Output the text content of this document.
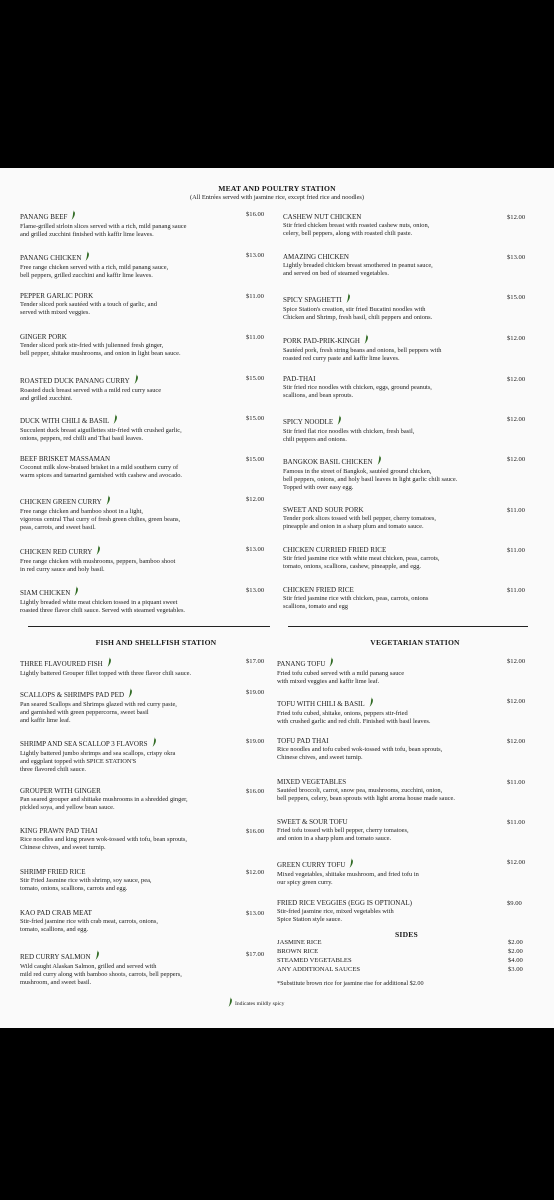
MEAT AND POULTRY STATION
(All Entrées served with jasmine rice, except fried rice and noodles)
PANANG BEEF
Flame-grilled sirloin slices served with a rich, mild panang sauce
and grilled zucchini finished with kaffir lime leaves.
$16.00
PANANG CHICKEN
Free range chicken served with a rich, mild panang sauce,
bell peppers, grilled zucchini and kaffir lime leaves.
$13.00
PEPPER GARLIC PORK
Tender sliced pork sautéed with a touch of garlic, and
served with mixed veggies.
$11.00
GINGER PORK
Tender sliced pork stir-fried with julienned fresh ginger,
bell pepper, shitake mushrooms, and onion in light bean sauce.
$11.00
ROASTED DUCK PANANG CURRY
Roasted duck breast served with a mild red curry sauce
and grilled zucchini.
$15.00
DUCK WITH CHILI & BASIL
Succulent duck breast aiguillettes stir-fried with crushed garlic,
onions, peppers, red chilli and Thai basil leaves.
$15.00
BEEF BRISKET MASSAMAN
Coconut milk slow-braised brisket in a mild southern curry of
warm spices and tamarind garnished with cashew and avocado.
$15.00
CHICKEN GREEN CURRY
Free range chicken and bamboo shoot in a light,
vigorous central Thai curry of fresh green chilies, green beans,
peas, carrots, and sweet basil.
$12.00
CHICKEN RED CURRY
Free range chicken with mushrooms, peppers, bamboo shoot
in red curry sauce and holy basil.
$13.00
SIAM CHICKEN
Lightly breaded white meat chicken tossed in a piquant sweet
roasted three flavor chili sauce. Served with steamed vegetables.
$13.00
CASHEW NUT CHICKEN
Stir fried chicken breast with roasted cashew nuts, onion,
celery, bell peppers, along with roasted chili paste.
$12.00
AMAZING CHICKEN
Lightly breaded chicken breast smothered in peanut sauce,
and served on bed of steamed vegetables.
$13.00
SPICY SPAGHETTI
Spice Station's creation, stir fried Bucatini noodles with
Chicken and Shrimp, fresh basil, chili peppers and onions.
$15.00
PORK PAD-PRIK-KINGH
Sautéed pork, fresh string beans and onions, bell peppers with
roasted red curry paste and kaffir lime leaves.
$12.00
PAD-THAI
Stir fried rice noodles with chicken, eggs, ground peanuts,
scallions, and bean sprouts.
$12.00
SPICY NOODLE
Stir fried flat rice noodles with chicken, fresh basil,
chili peppers and onions.
$12.00
BANGKOK BASIL CHICKEN
Famous in the street of Bangkok, sautéed ground chicken,
bell peppers, onions, and holy basil leaves in light garlic chili sauce.
Topped with over easy egg.
$12.00
SWEET AND SOUR PORK
Tender pork slices tossed with bell pepper, cherry tomatoes,
pineapple and onion in a sharp plum and tomato sauce.
$11.00
CHICKEN CURRIED FRIED RICE
Stir fried jasmine rice with white meat chicken, peas, carrots,
tomato, onions, scallions, cashew, pineapple, and egg.
$11.00
CHICKEN FRIED RICE
Stir fried jasmine rice with chicken, peas, carrots, onions
scallions, tomato and egg
$11.00
FISH AND SHELLFISH STATION	VEGETARIAN STATION
THREE FLAVOURED FISH
Lightly battered Grouper fillet topped with three flavor chili sauce.
$17.00
SCALLOPS & SHRIMPS PAD PED
Pan seared Scallops and Shrimps glazed with red curry paste,
and garnished with green peppercorns, sweet basil
and kaffir lime leaf.
$19.00
SHRIMP AND SEA SCALLOP 3 FLAVORS
Lightly battered jumbo shrimps and sea scallops, crispy okra
and eggplant topped with SPICE STATION'S
three flavored chili sauce.
$19.00
GROUPER WITH GINGER
Pan seared grouper and shiitake mushrooms in a shredded ginger,
pickled soya, and yellow bean sauce.
$16.00
KING PRAWN PAD THAI
Rice noodles and king prawn wok-tossed with tofu, bean sprouts,
Chinese chives, and sweet turnip.
$16.00
SHRIMP FRIED RICE
Stir Fried Jasmine rice with shrimp, soy sauce, pea,
tomato, onions, scallions, carrots and egg.
$12.00
KAO PAD CRAB MEAT
Stir-fried jasmine rice with crab meat, carrots, onions,
tomato, scallions, and egg.
$13.00
RED CURRY SALMON
Wild caught Alaskan Salmon, grilled and served with
mild red curry along with bamboo shoots, carrots, bell peppers,
mushroom, and sweet basil.
$17.00
PANANG TOFU
Fried tofu cubed served with a mild panang sauce
with mixed veggies and kaffir lime leaf.
$12.00
TOFU WITH CHILI & BASIL
Fried tofu cubed, shitake, onions, peppers stir-fried
with crushed garlic and red chili. Finished with basil leaves.
$12.00
TOFU PAD THAI
Rice noodles and tofu cubed wok-tossed with tofu, bean sprouts,
Chinese chives, and sweet turnip.
$12.00
MIXED VEGETABLES
Sautéed broccoli, carrot, snow pea, mushrooms, zucchini, onion,
bell peppers, celery, bean sprouts with light aroma house made sauce.
$11.00
SWEET & SOUR TOFU
Fried tofu tossed with bell pepper, cherry tomatoes,
and onion in a sharp plum and tomato sauce.
$11.00
GREEN CURRY TOFU
Mixed vegetables, shiitake mushroom, and fried tofu in
our spicy green curry.
$12.00
FRIED RICE VEGGIES (EGG IS OPTIONAL)
Stir-fried jasmine rice, mixed vegetables with
Spice Station style sauce.
$9.00
SIDES
JASMINE RICE	$2.00
BROWN RICE	$2.00
STEAMED VEGETABLES	$4.00
ANY ADDITIONAL SAUCES	$3.00
*Substitute brown rice for jasmine rise for additional $2.00
Indicates mildly spicy
